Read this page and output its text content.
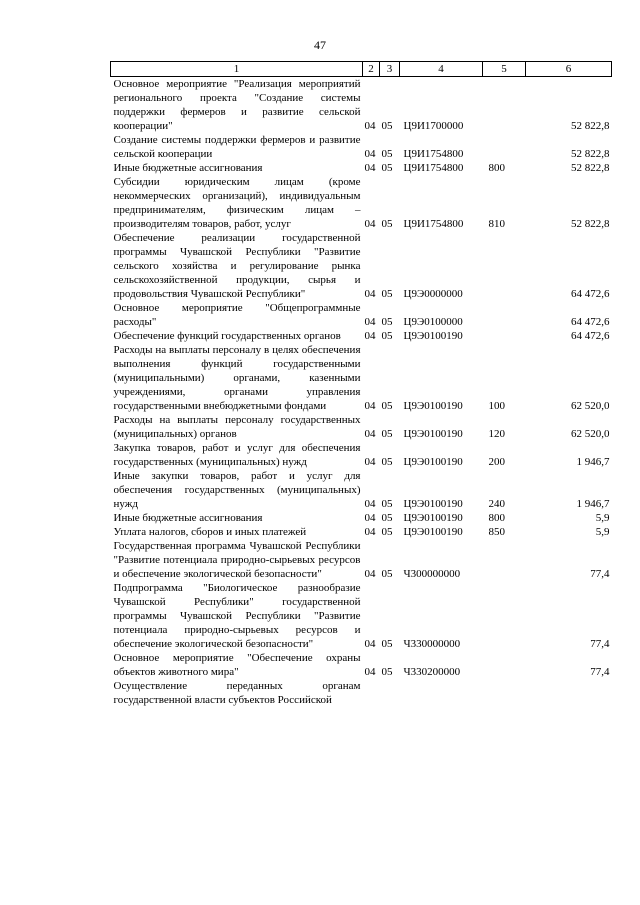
47
1	2	3	4	5	6
Основное мероприятие "Реализация мероприятий регионального проекта "Создание системы поддержки фермеров и развитие сельской кооперации"	04	05	Ц9И1700000		52 822,8
Создание системы поддержки фермеров и развитие сельской кооперации	04	05	Ц9И1754800		52 822,8
Иные бюджетные ассигнования	04	05	Ц9И1754800	800	52 822,8
Субсидии юридическим лицам (кроме некоммерческих организаций), индивидуальным предпринимателям, физическим лицам – производителям товаров, работ, услуг	04	05	Ц9И1754800	810	52 822,8
Обеспечение реализации государственной программы Чувашской Республики "Развитие сельского хозяйства и регулирование рынка сельскохозяйственной продукции, сырья и продовольствия Чувашской Республики"	04	05	Ц9Э0000000		64 472,6
Основное мероприятие "Общепрограммные расходы"	04	05	Ц9Э0100000		64 472,6
Обеспечение функций государственных органов	04	05	Ц9Э0100190		64 472,6
Расходы на выплаты персоналу в целях обеспечения выполнения функций государственными (муниципальными) органами, казенными учреждениями, органами управления государственными внебюджетными фондами	04	05	Ц9Э0100190	100	62 520,0
Расходы на выплаты персоналу государственных (муниципальных) органов	04	05	Ц9Э0100190	120	62 520,0
Закупка товаров, работ и услуг для обеспечения государственных (муниципальных) нужд	04	05	Ц9Э0100190	200	1 946,7
Иные закупки товаров, работ и услуг для обеспечения государственных (муниципальных) нужд	04	05	Ц9Э0100190	240	1 946,7
Иные бюджетные ассигнования	04	05	Ц9Э0100190	800	5,9
Уплата налогов, сборов и иных платежей	04	05	Ц9Э0100190	850	5,9
Государственная программа Чувашской Республики "Развитие потенциала природно-сырьевых ресурсов и обеспечение экологической безопасности"	04	05	Ч300000000		77,4
Подпрограмма "Биологическое разнообразие Чувашской Республики" государственной программы Чувашской Республики "Развитие потенциала природно-сырьевых ресурсов и обеспечение экологической безопасности"	04	05	Ч330000000		77,4
Основное мероприятие "Обеспечение охраны объектов животного мира"	04	05	Ч330200000		77,4
Осуществление переданных органам государственной власти субъектов Российской					
